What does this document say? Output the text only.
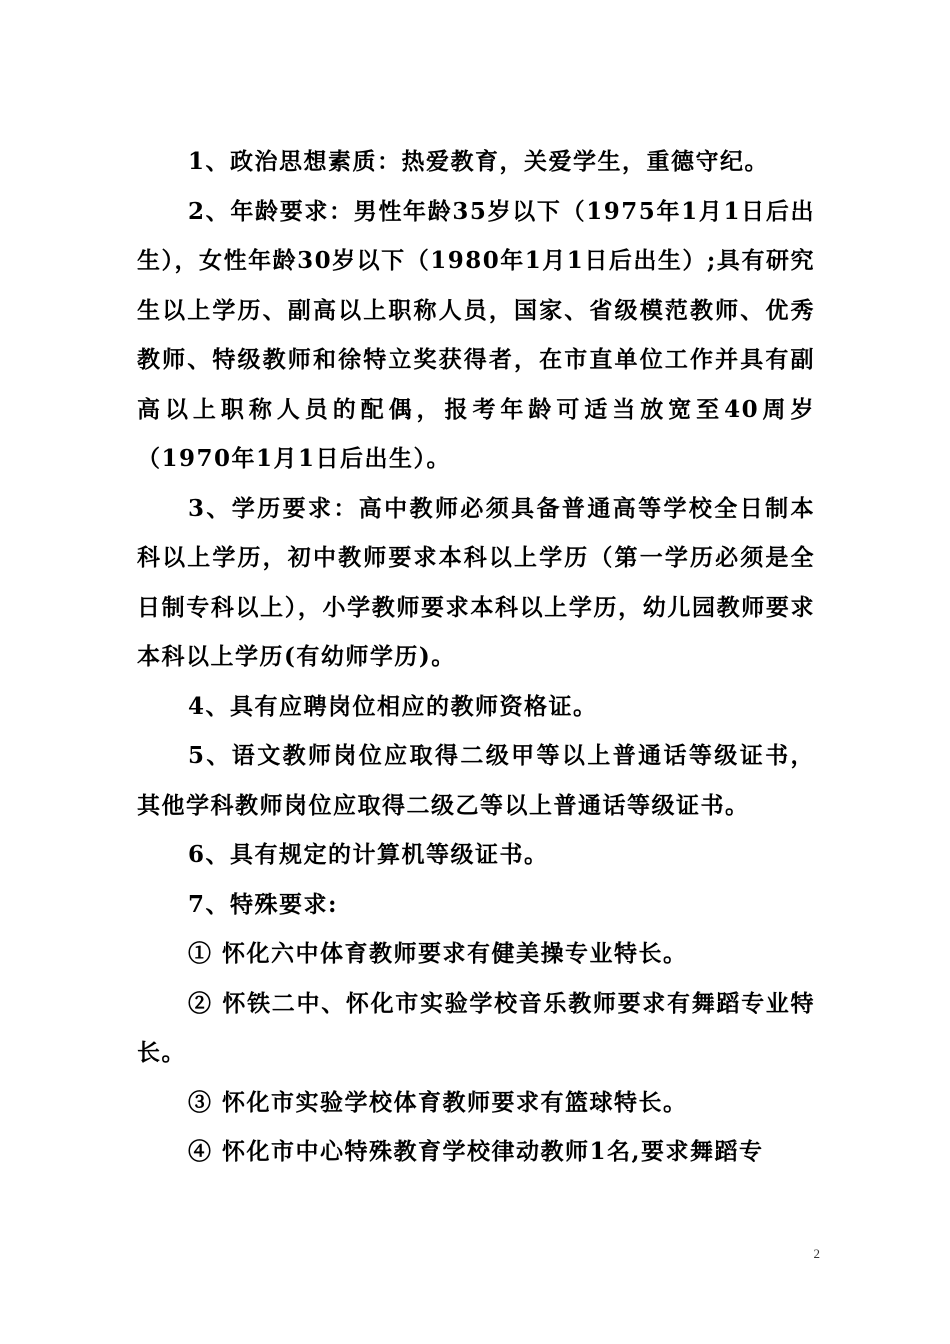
1、政治思想素质：热爱教育，关爱学生，重德守纪。

2、年龄要求：男性年龄35岁以下（1975年1月1日后出生），女性年龄30岁以下（1980年1月1日后出生）;具有研究生以上学历、副高以上职称人员，国家、省级模范教师、优秀教师、特级教师和徐特立奖获得者，在市直单位工作并具有副高以上职称人员的配偶，报考年龄可适当放宽至40周岁（1970年1月1日后出生）。

3、学历要求：高中教师必须具备普通高等学校全日制本科以上学历，初中教师要求本科以上学历（第一学历必须是全日制专科以上），小学教师要求本科以上学历，幼儿园教师要求本科以上学历(有幼师学历)。

4、具有应聘岗位相应的教师资格证。

5、语文教师岗位应取得二级甲等以上普通话等级证书，其他学科教师岗位应取得二级乙等以上普通话等级证书。

6、具有规定的计算机等级证书。

7、特殊要求:

① 怀化六中体育教师要求有健美操专业特长。

② 怀铁二中、怀化市实验学校音乐教师要求有舞蹈专业特长。

③ 怀化市实验学校体育教师要求有篮球特长。

④ 怀化市中心特殊教育学校律动教师1名,要求舞蹈专

2
